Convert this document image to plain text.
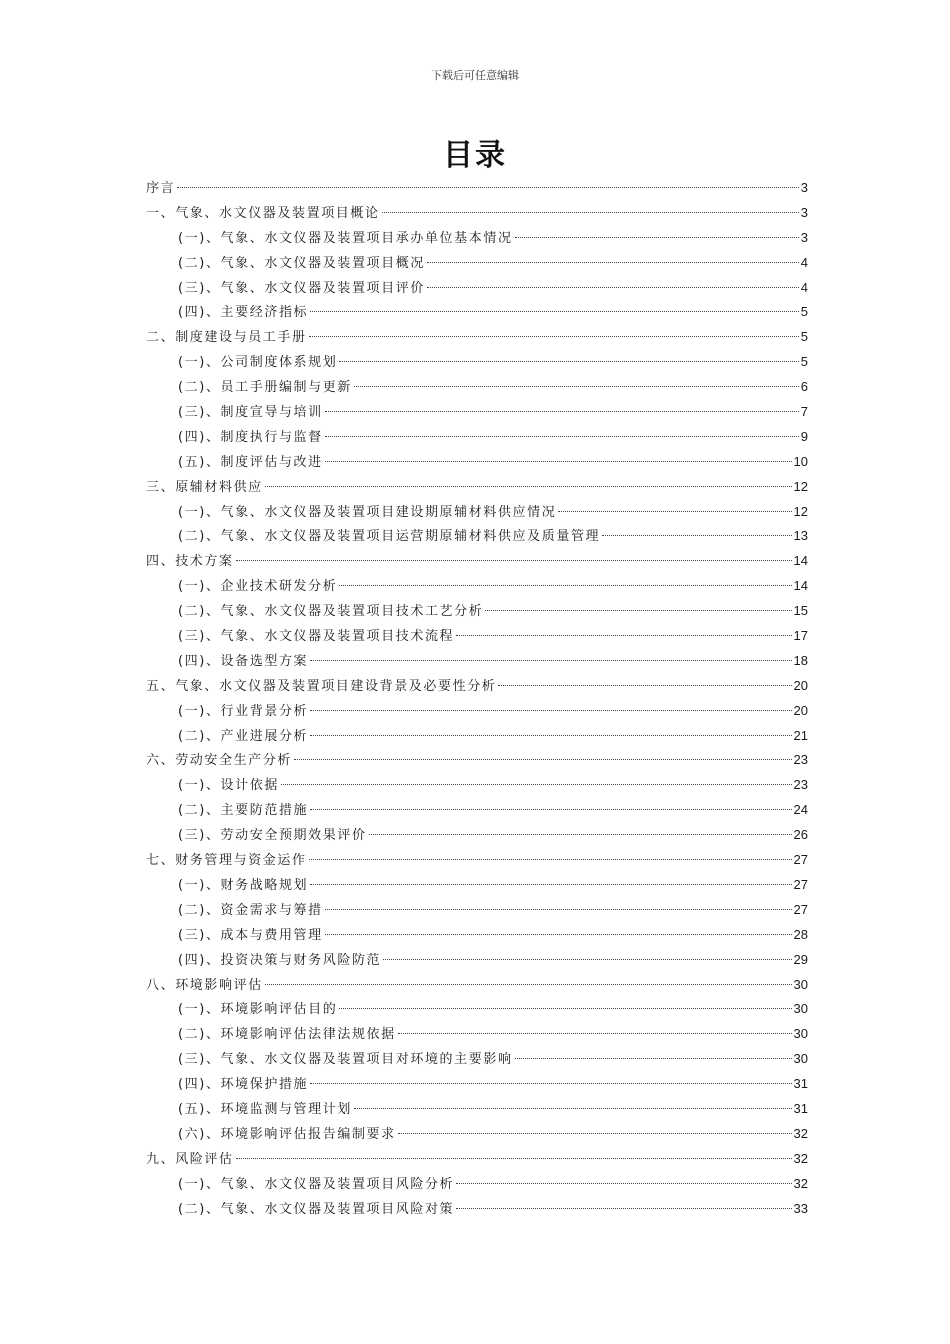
下载后可任意编辑
目录
序言	3
一、气象、水文仪器及装置项目概论	3
(一)、气象、水文仪器及装置项目承办单位基本情况	3
(二)、气象、水文仪器及装置项目概况	4
(三)、气象、水文仪器及装置项目评价	4
(四)、主要经济指标	5
二、制度建设与员工手册	5
(一)、公司制度体系规划	5
(二)、员工手册编制与更新	6
(三)、制度宣导与培训	7
(四)、制度执行与监督	9
(五)、制度评估与改进	10
三、原辅材料供应	12
(一)、气象、水文仪器及装置项目建设期原辅材料供应情况	12
(二)、气象、水文仪器及装置项目运营期原辅材料供应及质量管理	13
四、技术方案	14
(一)、企业技术研发分析	14
(二)、气象、水文仪器及装置项目技术工艺分析	15
(三)、气象、水文仪器及装置项目技术流程	17
(四)、设备选型方案	18
五、气象、水文仪器及装置项目建设背景及必要性分析	20
(一)、行业背景分析	20
(二)、产业进展分析	21
六、劳动安全生产分析	23
(一)、设计依据	23
(二)、主要防范措施	24
(三)、劳动安全预期效果评价	26
七、财务管理与资金运作	27
(一)、财务战略规划	27
(二)、资金需求与筹措	27
(三)、成本与费用管理	28
(四)、投资决策与财务风险防范	29
八、环境影响评估	30
(一)、环境影响评估目的	30
(二)、环境影响评估法律法规依据	30
(三)、气象、水文仪器及装置项目对环境的主要影响	30
(四)、环境保护措施	31
(五)、环境监测与管理计划	31
(六)、环境影响评估报告编制要求	32
九、风险评估	32
(一)、气象、水文仪器及装置项目风险分析	32
(二)、气象、水文仪器及装置项目风险对策	33
